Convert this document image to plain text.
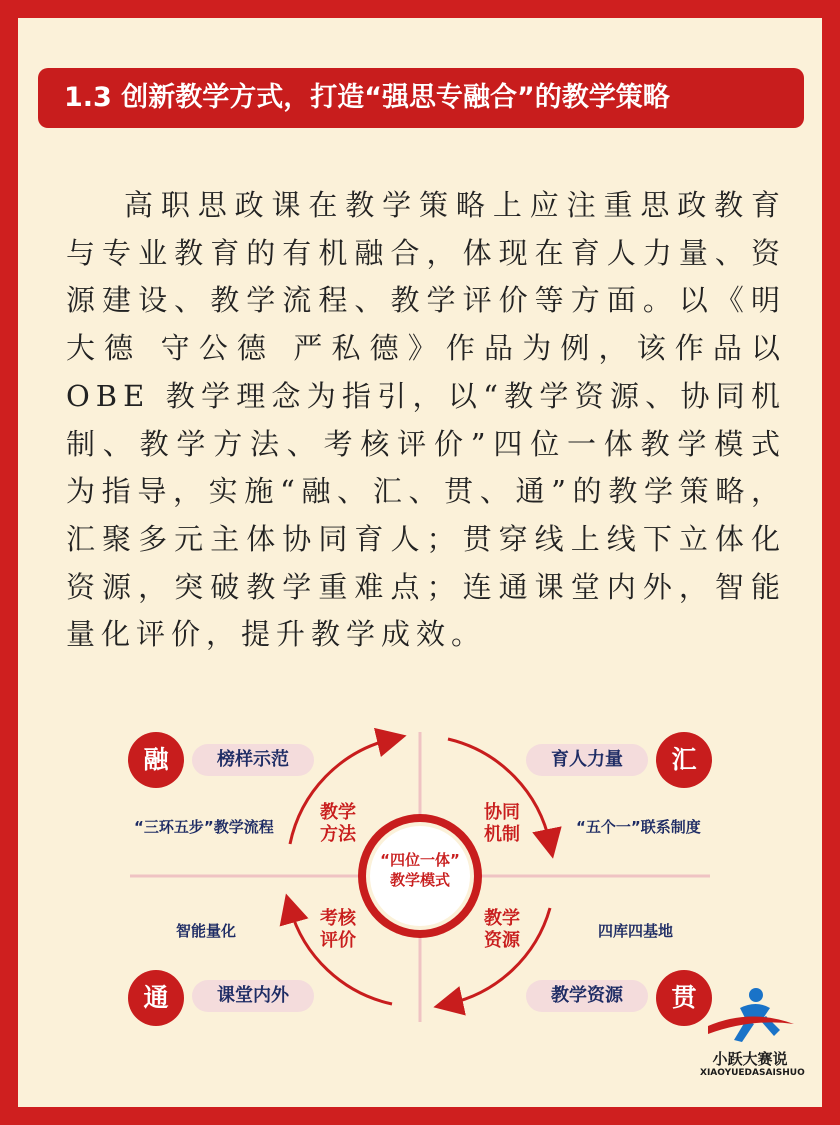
1.3 创新教学方式，打造“强思专融合”的教学策略
高职思政课在教学策略上应注重思政教育与专业教育的有机融合，体现在育人力量、资源建设、教学流程、教学评价等方面。以《明大德 守公德 严私德》作品为例，该作品以OBE 教学理念为指引，以“教学资源、协同机制、教学方法、考核评价”四位一体教学模式为指导，实施“融、汇、贯、通”的教学策略，汇聚多元主体协同育人；贯穿线上线下立体化资源，突破教学重难点；连通课堂内外，智能量化评价，提升教学成效。
“四位一体”
教学模式
融	汇
通	贯
榜样示范	育人力量
课堂内外	教学资源
“三环五步”教学流程	“五个一”联系制度
智能量化	四库四基地
教学
方法
协同
机制
考核
评价
教学
资源
小跃大赛说
XIAOYUEDASAISHUO
